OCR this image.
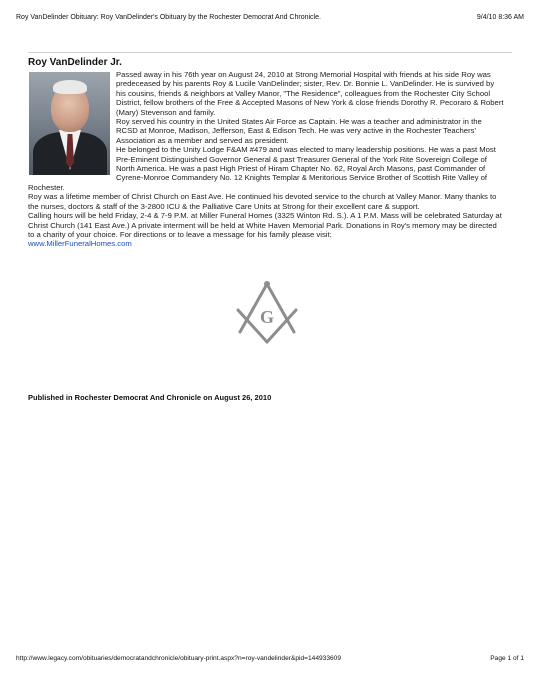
Roy VanDelinder Obituary: Roy VanDelinder's Obituary by the Rochester Democrat And Chronicle.	9/4/10 8:36 AM
Roy VanDelinder Jr.

Passed away in his 76th year on August 24, 2010 at Strong Memorial Hospital with friends at his side Roy was predeceased by his parents Roy & Lucile VanDelinder; sister, Rev. Dr. Bonnie L. VanDelinder. He is survived by his cousins, friends & neighbors at Valley Manor, "The Residence", colleagues from the Rochester City School District, fellow brothers of the Free & Accepted Masons of New York & close friends Dorothy R. Pecoraro & Robert (Mary) Stevenson and family.

Roy served his country in the United States Air Force as Captain. He was a teacher and administrator in the RCSD at Monroe, Madison, Jefferson, East & Edison Tech. He was very active in the Rochester Teachers' Association as a member and served as president.

He belonged to the Unity Lodge F&AM #479 and was elected to many leadership positions. He was a past Most Pre-Eminent Distinguished Governor General & past Treasurer General of the York Rite Sovereign College of North America. He was a past High Priest of Hiram Chapter No. 62, Royal Arch Masons, past Commander of Cyrene-Monroe Commandery No. 12 Knights Templar & Meritorious Service Brother of Scottish Rite Valley of Rochester.

Roy was a lifetime member of Christ Church on East Ave. He continued his devoted service to the church at Valley Manor. Many thanks to the nurses, doctors & staff of the 3-2800 ICU & the Palliative Care Units at Strong for their excellent care & support.

Calling hours will be held Friday, 2-4 & 7-9 P.M. at Miller Funeral Homes (3325 Winton Rd. S.). A 1 P.M. Mass will be celebrated Saturday at Christ Church (141 East Ave.) A private interment will be held at White Haven Memorial Park. Donations in Roy's memory may be directed to a charity of your choice. For directions or to leave a message for his family please visit:

www.MillerFuneralHomes.com

G
Published in Rochester Democrat And Chronicle on August 26, 2010
http://www.legacy.com/obituaries/democratandchronicle/obituary-print.aspx?n=roy-vandelinder&pid=144933609	Page 1 of 1
